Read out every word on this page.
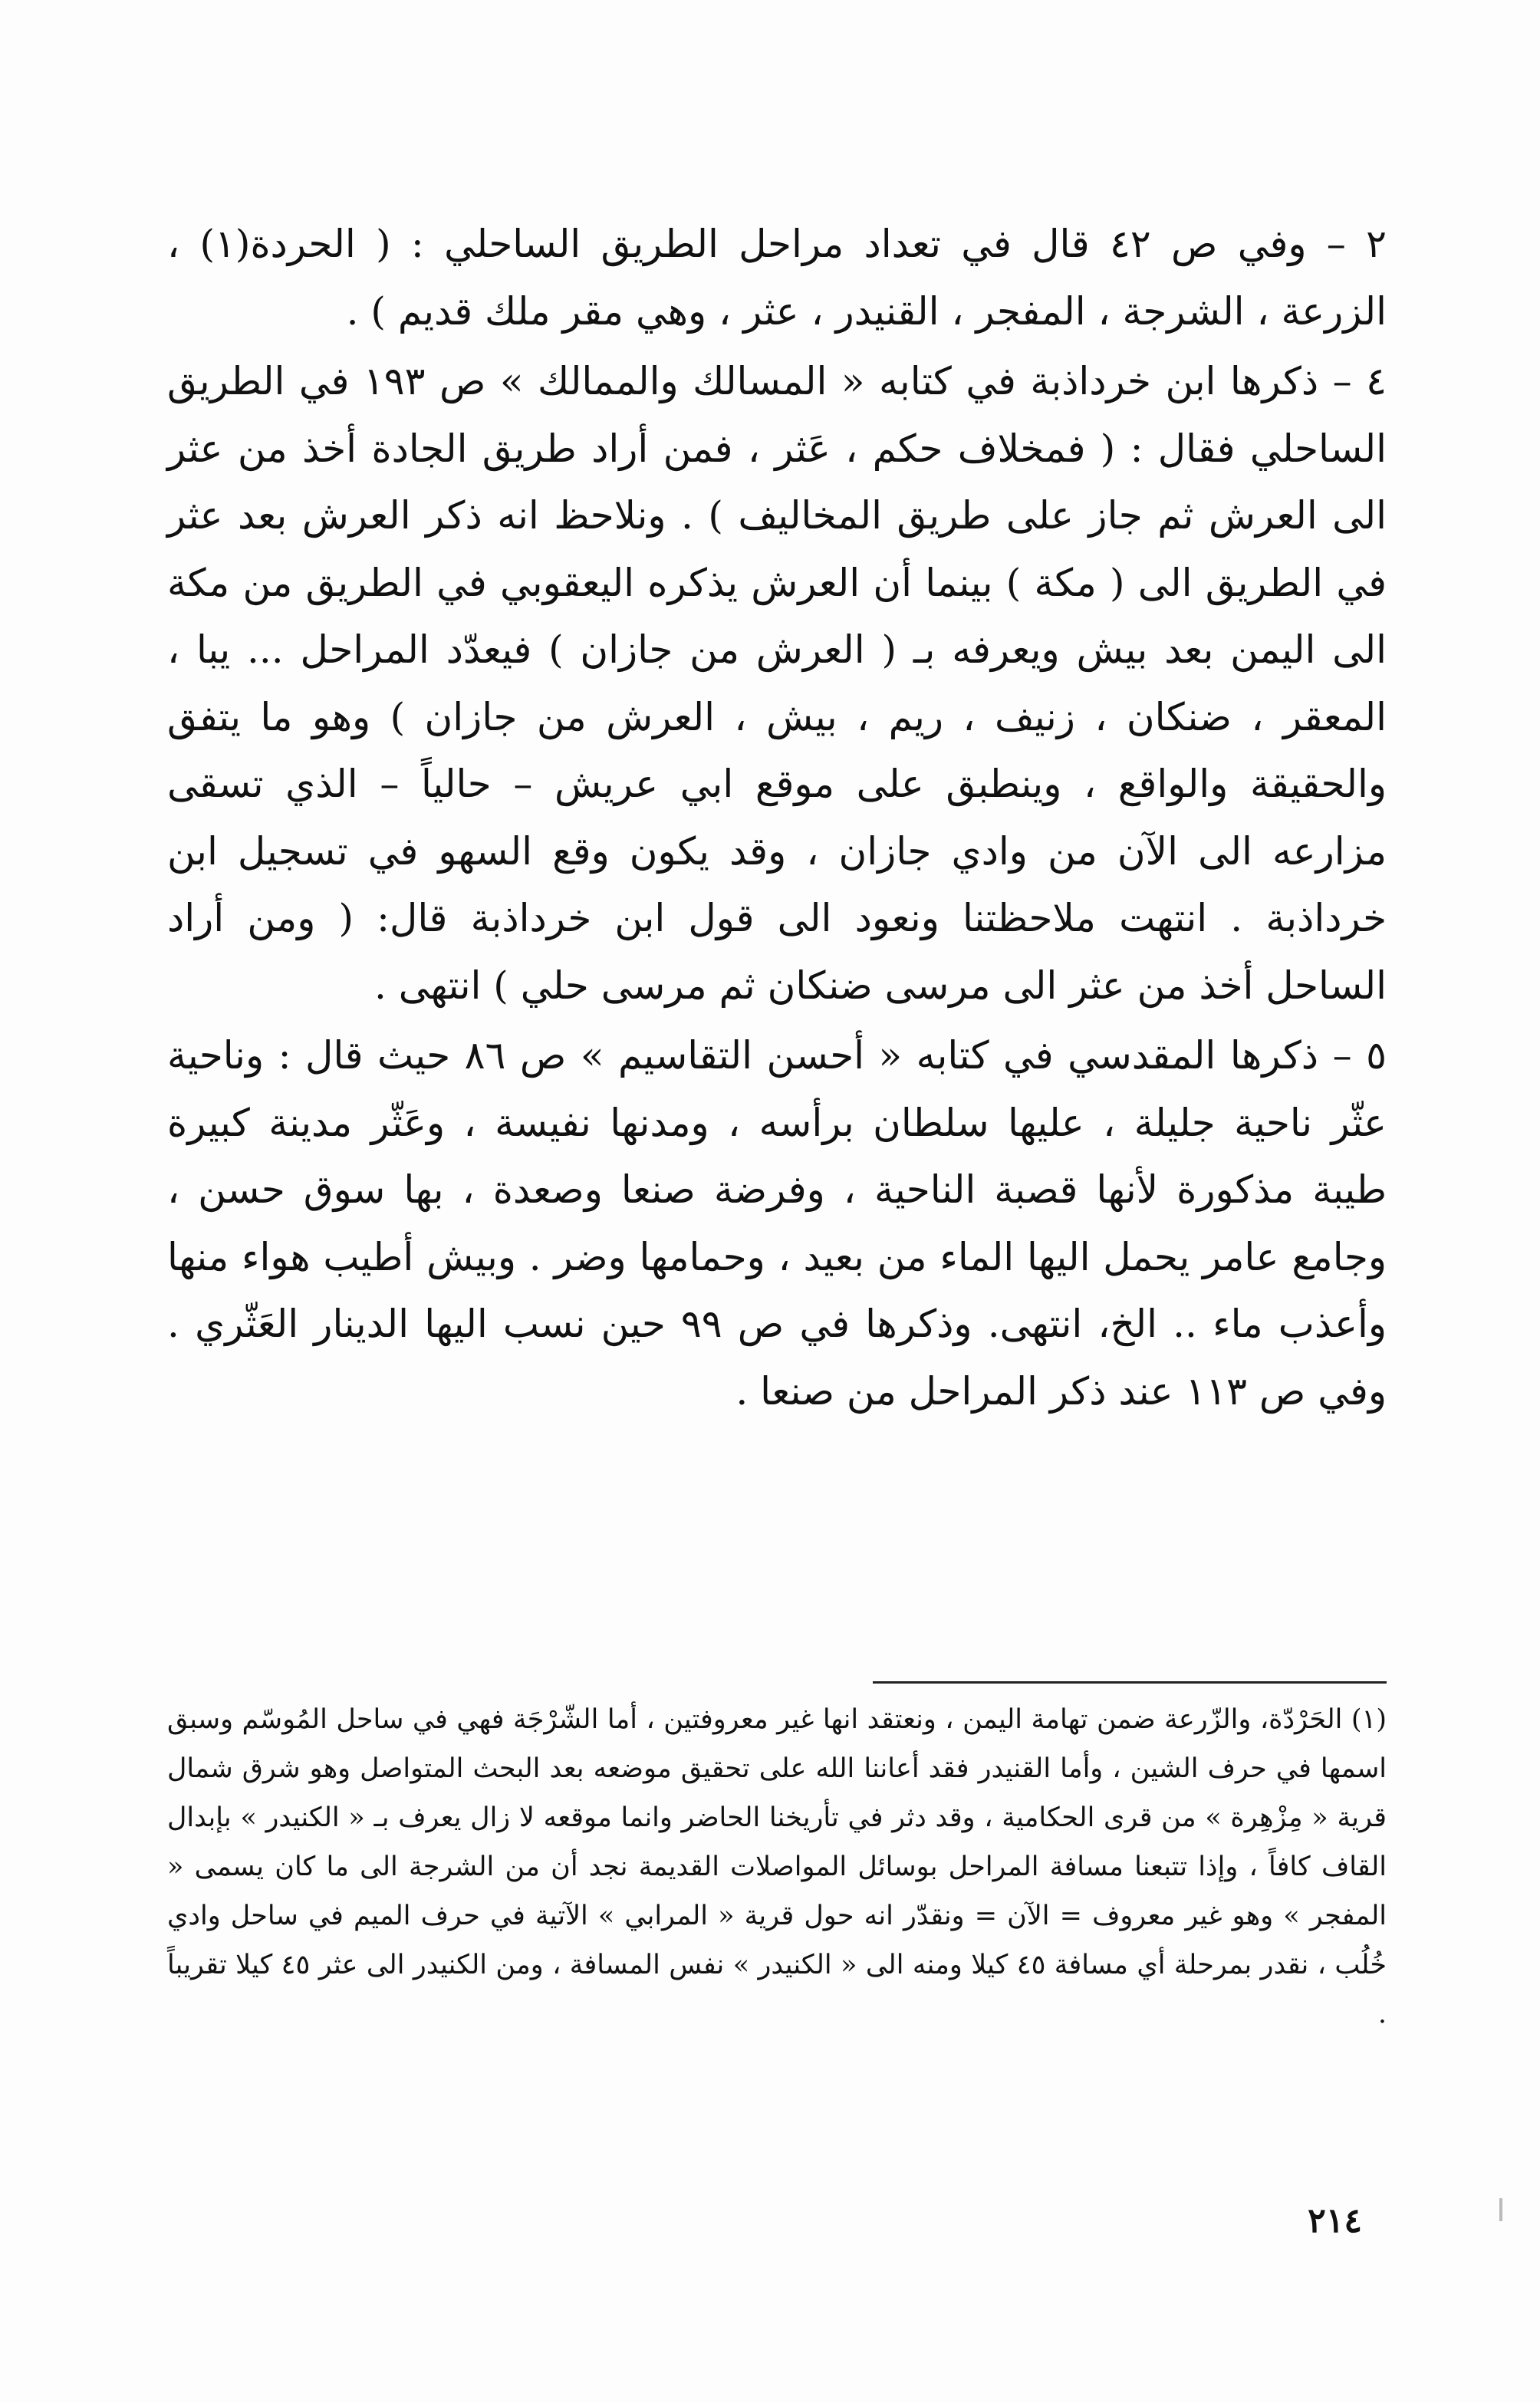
٢ – وفي ص ٤٢ قال في تعداد مراحل الطريق الساحلي : ( الحردة(١) ، الزرعة ، الشرجة ، المفجر ، القنيدر ، عثر ، وهي مقر ملك قديم ) .

٤ – ذكرها ابن خرداذبة في كتابه « المسالك والممالك » ص ١٩٣ في الطريق الساحلي فقال : ( فمخلاف حكم ، عَثر ، فمن أراد طريق الجادة أخذ من عثر الى العرش ثم جاز على طريق المخاليف ) . ونلاحظ انه ذكر العرش بعد عثر في الطريق الى ( مكة ) بينما أن العرش يذكره اليعقوبي في الطريق من مكة الى اليمن بعد بيش ويعرفه بـ ( العرش من جازان ) فيعدّد المراحل ... يبا ، المعقر ، ضنكان ، زنيف ، ريم ، بيش ، العرش من جازان ) وهو ما يتفق والحقيقة والواقع ، وينطبق على موقع ابي عريش – حالياً – الذي تسقى مزارعه الى الآن من وادي جازان ، وقد يكون وقع السهو في تسجيل ابن خرداذبة . انتهت ملاحظتنا ونعود الى قول ابن خرداذبة قال: ( ومن أراد الساحل أخذ من عثر الى مرسى ضنكان ثم مرسى حلي ) انتهى .

٥ – ذكرها المقدسي في كتابه « أحسن التقاسيم » ص ٨٦ حيث قال : وناحية عثّر ناحية جليلة ، عليها سلطان برأسه ، ومدنها نفيسة ، وعَثّر مدينة كبيرة طيبة مذكورة لأنها قصبة الناحية ، وفرضة صنعا وصعدة ، بها سوق حسن ، وجامع عامر يحمل اليها الماء من بعيد ، وحمامها وضر . وبيش أطيب هواء منها وأعذب ماء .. الخ، انتهى. وذكرها في ص ٩٩ حين نسب اليها الدينار العَثّري . وفي ص ١١٣ عند ذكر المراحل من صنعا .

(١) الحَرْدّة، والزّرعة ضمن تهامة اليمن ، ونعتقد انها غير معروفتين ، أما الشّرْجَة فهي في ساحل المُوسّم وسبق اسمها في حرف الشين ، وأما القنيدر فقد أعاننا الله على تحقيق موضعه بعد البحث المتواصل وهو شرق شمال قرية « مِزْهِرة » من قرى الحكامية ، وقد دثر في تأريخنا الحاضر وانما موقعه لا زال يعرف بـ « الكنيدر » بإبدال القاف كافاً ، وإذا تتبعنا مسافة المراحل بوسائل المواصلات القديمة نجد أن من الشرجة الى ما كان يسمى « المفجر » وهو غير معروف = الآن = ونقدّر انه حول قرية « المرابي » الآتية في حرف الميم في ساحل وادي خُلُب ، نقدر بمرحلة أي مسافة ٤٥ كيلا ومنه الى « الكنيدر » نفس المسافة ، ومن الكنيدر الى عثر ٤٥ كيلا تقريباً .

٢١٤
